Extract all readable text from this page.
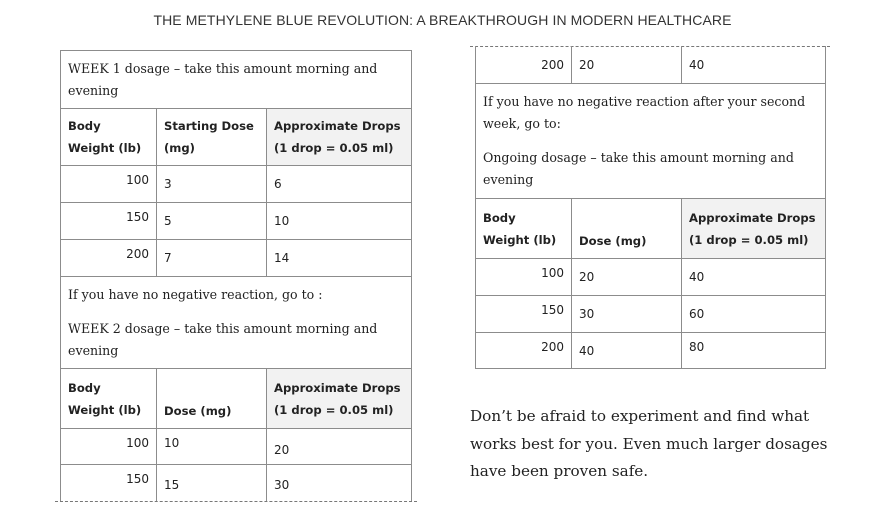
THE METHYLENE BLUE REVOLUTION: A BREAKTHROUGH IN MODERN HEALTHCARE

WEEK 1 dosage – take this amount morning and evening		

Body Weight (lb)	Starting Dose (mg)	Approximate Drops (1 drop = 0.05 ml)
100	3	6
150	5	10
200	7	14

If you have no negative reaction, go to :

WEEK 2 dosage – take this amount morning and evening		

Body Weight (lb)	Dose (mg)	Approximate Drops (1 drop = 0.05 ml)
100	10	20
150	15	30
200	20	40

If you have no negative reaction after your second week, go to:

Ongoing dosage – take this amount morning and evening		

Body Weight (lb)	Dose (mg)	Approximate Drops (1 drop = 0.05 ml)
100	20	40
150	30	60
200	40	80
Don’t be afraid to experiment and find what works best for you. Even much larger dosages have been proven safe.
